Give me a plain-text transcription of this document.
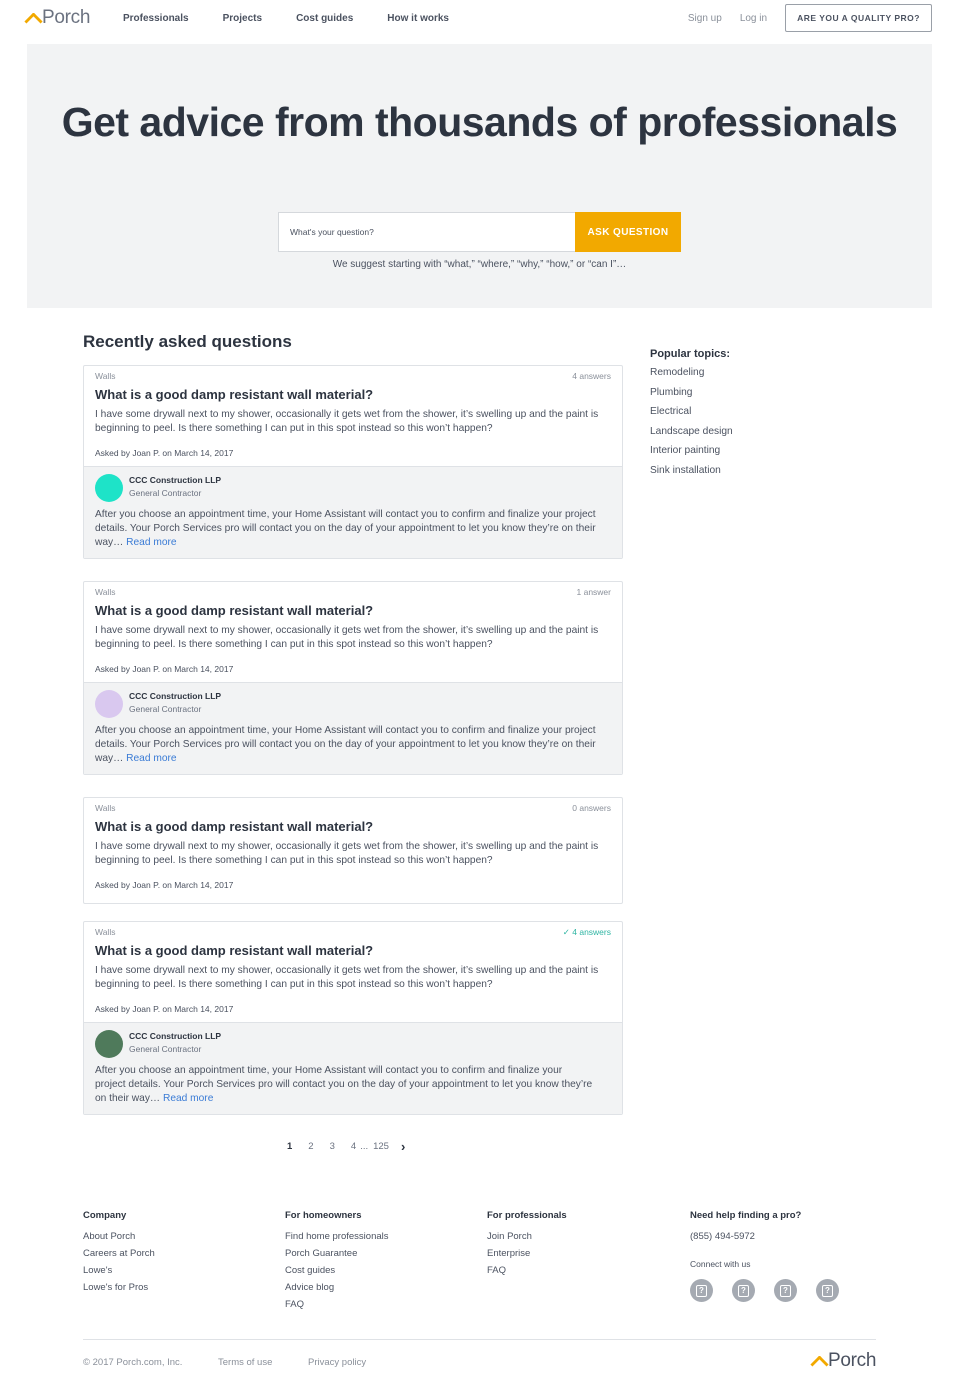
Porch	Professionals	Projects	Cost guides	How it works	Sign up Log in	ARE YOU A QUALITY PRO?
Get advice from thousands of professionals
What's your question?
ASK QUESTION
We suggest starting with “what,” “where,” “why,” “how,” or “can I”…
Recently asked questions
Walls	4 answers
What is a good damp resistant wall material?
I have some drywall next to my shower, occasionally it gets wet from the shower, it’s swelling up and the paint is beginning to peel. Is there something I can put in this spot instead so this won’t happen?
Asked by Joan P. on March 14, 2017
CCC Construction LLP
General Contractor
After you choose an appointment time, your Home Assistant will contact you to confirm and finalize your project details. Your Porch Services pro will contact you on the day of your appointment to let you know they’re on their way… Read more
Walls	1 answer
What is a good damp resistant wall material?
I have some drywall next to my shower, occasionally it gets wet from the shower, it’s swelling up and the paint is beginning to peel. Is there something I can put in this spot instead so this won’t happen?
Asked by Joan P. on March 14, 2017
CCC Construction LLP
General Contractor
After you choose an appointment time, your Home Assistant will contact you to confirm and finalize your project details. Your Porch Services pro will contact you on the day of your appointment to let you know they’re on their way… Read more
Walls	0 answers
What is a good damp resistant wall material?
I have some drywall next to my shower, occasionally it gets wet from the shower, it’s swelling up and the paint is beginning to peel. Is there something I can put in this spot instead so this won’t happen?
Asked by Joan P. on March 14, 2017
Walls	✓ 4 answers
What is a good damp resistant wall material?
I have some drywall next to my shower, occasionally it gets wet from the shower, it’s swelling up and the paint is beginning to peel. Is there something I can put in this spot instead so this won’t happen?
Asked by Joan P. on March 14, 2017
CCC Construction LLP
General Contractor
After you choose an appointment time, your Home Assistant will contact you to confirm and finalize your project details. Your Porch Services pro will contact you on the day of your appointment to let you know they’re on their way… Read more
1 2 3 4 ... 125 ›
Popular topics:
Remodeling
Plumbing
Electrical
Landscape design
Interior painting
Sink installation
Company
About Porch
Careers at Porch
Lowe's
Lowe's for Pros
For homeowners
Find home professionals
Porch Guarantee
Cost guides
Advice blog
FAQ
For professionals
Join Porch
Enterprise
FAQ
Need help finding a pro?
(855) 494-5972
Connect with us
?	?	?	?
© 2017 Porch.com, Inc.	Terms of use	Privacy policy	Porch
